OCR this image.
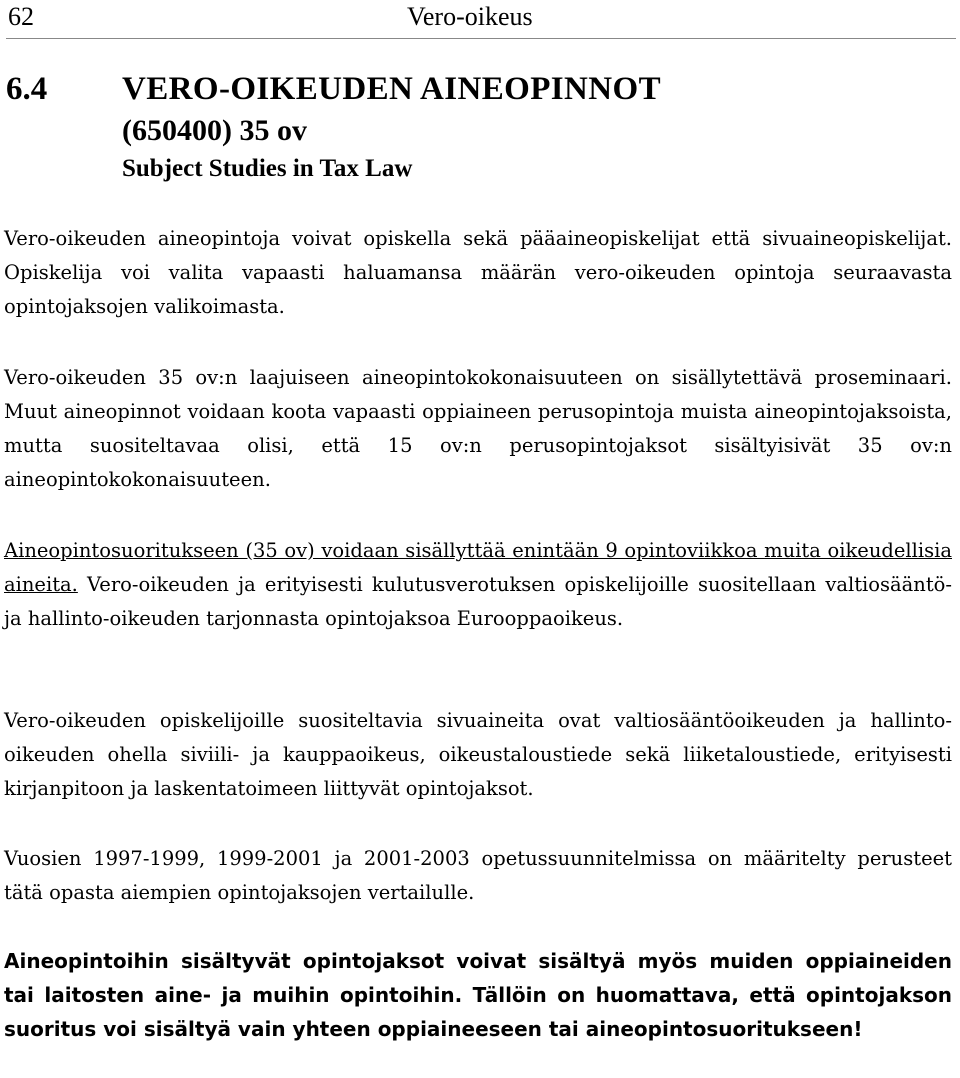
62	Vero-oikeus
6.4 VERO-OIKEUDEN AINEOPINNOT
(650400) 35 ov
Subject Studies in Tax Law

Vero-oikeuden aineopintoja voivat opiskella sekä pääaineopiskelijat että sivuaineopiskelijat. Opiskelija voi valita vapaasti haluamansa määrän vero-oikeuden opintoja seuraavasta opintojaksojen valikoimasta.

Vero-oikeuden 35 ov:n laajuiseen aineopintokokonaisuuteen on sisällytettävä proseminaari. Muut aineopinnot voidaan koota vapaasti oppiaineen perusopintoja muista aineopintojaksoista, mutta suositeltavaa olisi, että 15 ov:n perusopintojaksot sisältyisivät 35 ov:n aineopintokokonaisuuteen.

Aineopintosuoritukseen (35 ov) voidaan sisällyttää enintään 9 opintoviikkoa muita oikeudellisia aineita. Vero-oikeuden ja erityisesti kulutusverotuksen opiskelijoille suositellaan valtiosääntö- ja hallinto-oikeuden tarjonnasta opintojaksoa Eurooppaoikeus.

Vero-oikeuden opiskelijoille suositeltavia sivuaineita ovat valtiosääntöoikeuden ja hallinto-oikeuden ohella siviili- ja kauppaoikeus, oikeustaloustiede sekä liiketaloustiede, erityisesti kirjanpitoon ja laskentatoimeen liittyvät opintojaksot.

Vuosien 1997-1999, 1999-2001 ja 2001-2003 opetussuunnitelmissa on määritelty perusteet tätä opasta aiempien opintojaksojen vertailulle.

Aineopintoihin sisältyvät opintojaksot voivat sisältyä myös muiden oppiaineiden tai laitosten aine- ja muihin opintoihin. Tällöin on huomattava, että opintojakson suoritus voi sisältyä vain yhteen oppiaineeseen tai aineopintosuoritukseen!
